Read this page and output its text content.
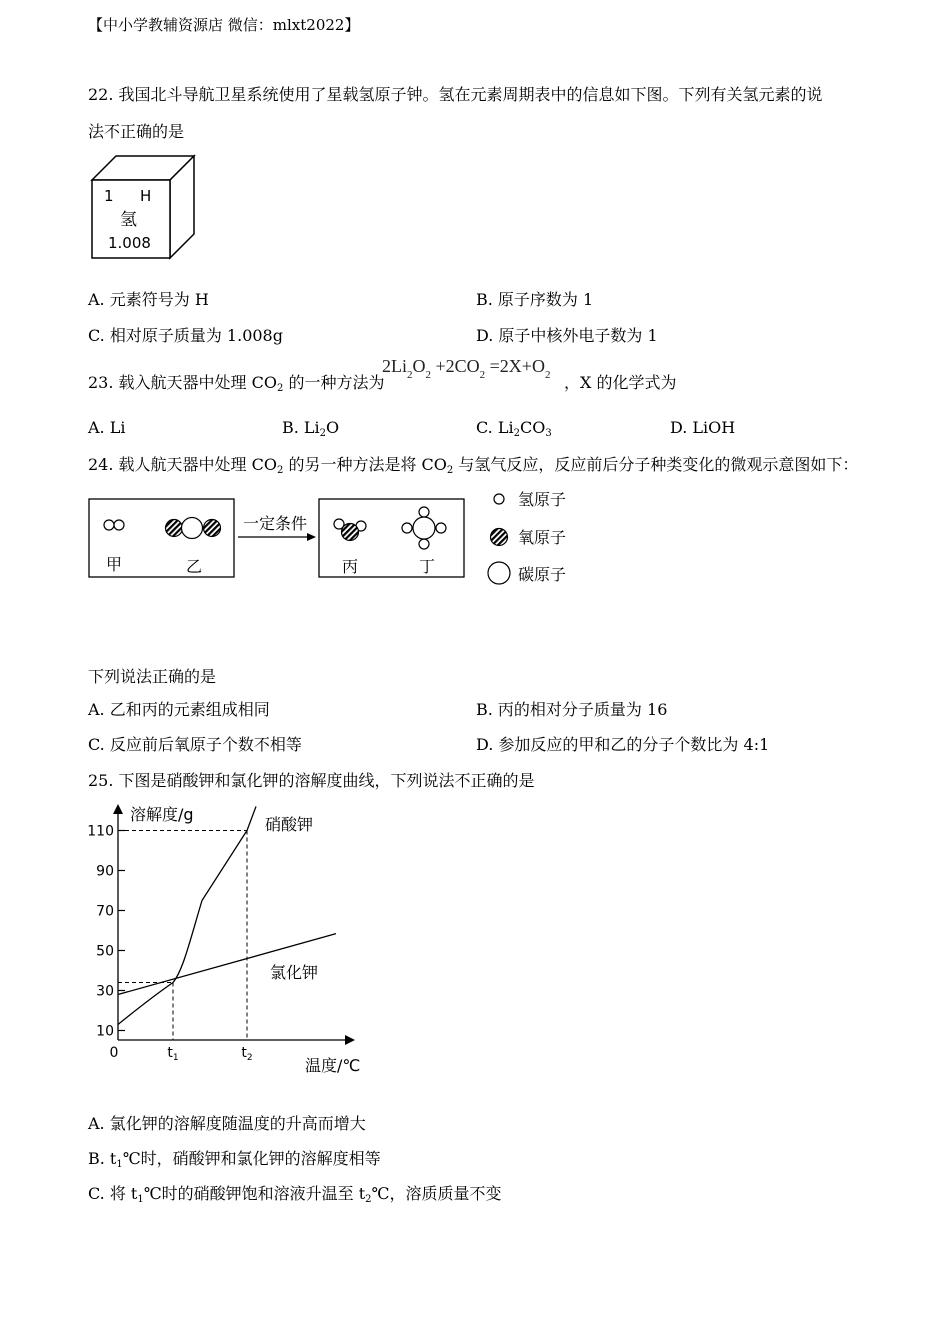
【中小学教辅资源店 微信：mlxt2022】
22. 我国北斗导航卫星系统使用了星载氢原子钟。氢在元素周期表中的信息如下图。下列有关氢元素的说
法不正确的是
1 H
氢
1.008
A. 元素符号为 H	B. 原子序数为 1
C. 相对原子质量为 1.008g	D. 原子中核外电子数为 1
23. 载入航天器中处理 $CO_2$ 的一种方法为
$2Li_2O_2 +2CO_2 =2X+O_2$ ，X 的化学式为
A. Li	B. $Li_2O$	C. $Li_2CO_3$	D. LiOH
24. 载人航天器中处理 $CO_2$ 的另一种方法是将 $CO_2$ 与氢气反应，反应前后分子种类变化的微观示意图如下：
甲	乙
一定条件
丙	丁
氢原子
氧原子
碳原子
下列说法正确的是
A. 乙和丙的元素组成相同	B. 丙的相对分子质量为 16
C. 反应前后氧原子个数不相等	D. 参加反应的甲和乙的分子个数比为 4:1
25. 下图是硝酸钾和氯化钾的溶解度曲线，下列说法不正确的是
溶解度/g
温度/℃
10
30
50
70
90
110
0	$t_1$	$t_2$
硝酸钾
氯化钾
A. 氯化钾的溶解度随温度的升高而增大
B. $t_1℃$时，硝酸钾和氯化钾的溶解度相等
C. 将 $t_1℃$时的硝酸钾饱和溶液升温至 $t_2℃$，溶质质量不变
